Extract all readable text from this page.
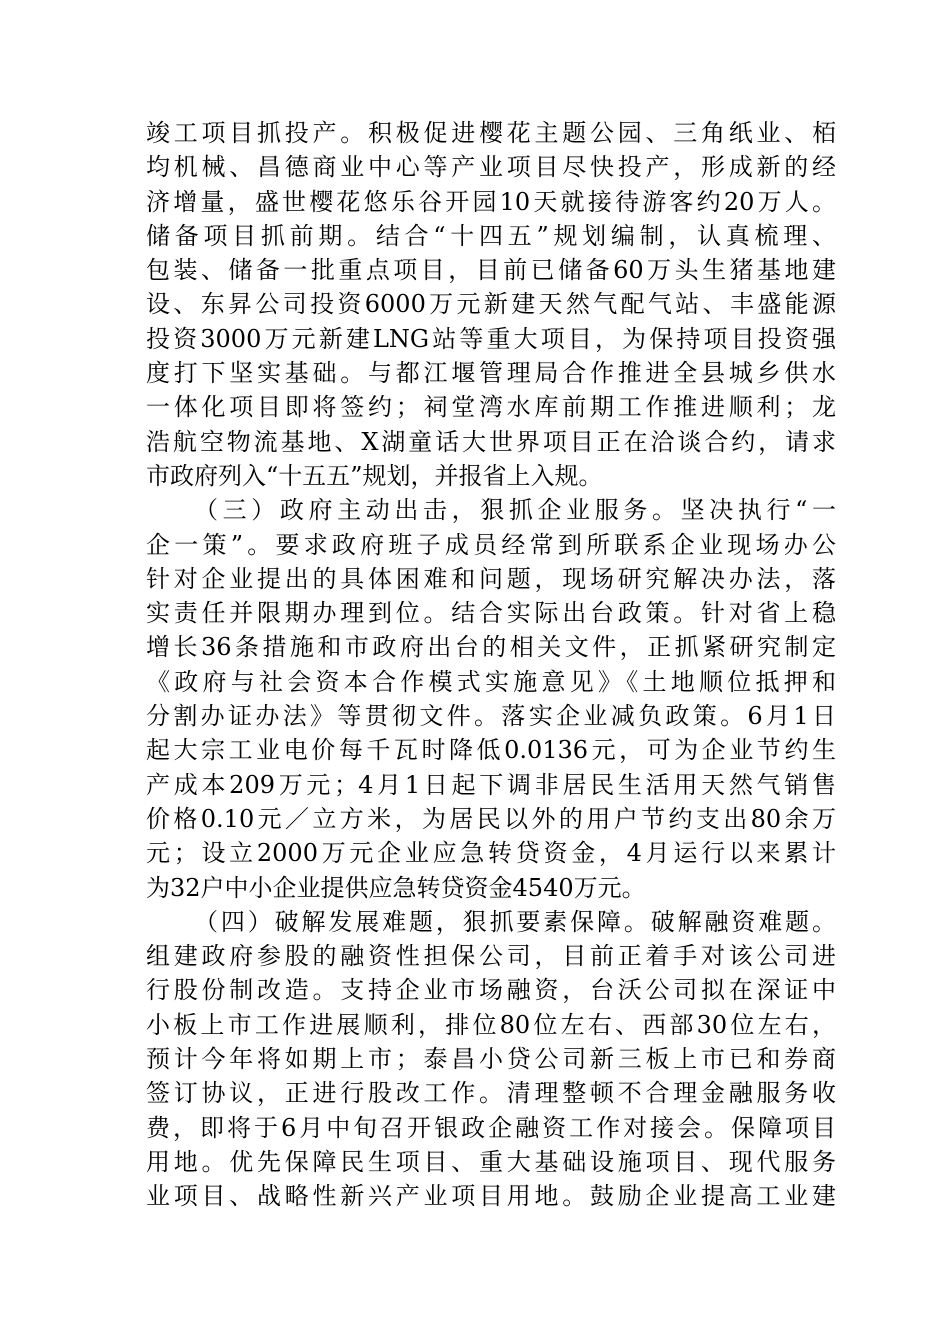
竣工项目抓投产。积极促进樱花主题公园、三角纸业、栢
均机械、昌德商业中心等产业项目尽快投产，形成新的经
济增量，盛世樱花悠乐谷开园10天就接待游客约20万人。
储备项目抓前期。结合“十四五”规划编制，认真梳理、
包装、储备一批重点项目，目前已储备60万头生猪基地建
设、东昇公司投资6000万元新建天然气配气站、丰盛能源
投资3000万元新建LNG站等重大项目，为保持项目投资强
度打下坚实基础。与都江堰管理局合作推进全县城乡供水
一体化项目即将签约；祠堂湾水库前期工作推进顺利；龙
浩航空物流基地、X湖童话大世界项目正在洽谈合约，请求
市政府列入“十五五”规划，并报省上入规。
（三）政府主动出击，狠抓企业服务。坚决执行“一
企一策”。要求政府班子成员经常到所联系企业现场办公
针对企业提出的具体困难和问题，现场研究解决办法，落
实责任并限期办理到位。结合实际出台政策。针对省上稳
增长36条措施和市政府出台的相关文件，正抓紧研究制定
《政府与社会资本合作模式实施意见》《土地顺位抵押和
分割办证办法》等贯彻文件。落实企业减负政策。6月1日
起大宗工业电价每千瓦时降低0.0136元，可为企业节约生
产成本209万元；4月1日起下调非居民生活用天然气销售
价格0.10元／立方米，为居民以外的用户节约支出80余万
元；设立2000万元企业应急转贷资金，4月运行以来累计
为32户中小企业提供应急转贷资金4540万元。
（四）破解发展难题，狠抓要素保障。破解融资难题。
组建政府参股的融资性担保公司，目前正着手对该公司进
行股份制改造。支持企业市场融资，台沃公司拟在深证中
小板上市工作进展顺利，排位80位左右、西部30位左右，
预计今年将如期上市；泰昌小贷公司新三板上市已和券商
签订协议，正进行股改工作。清理整顿不合理金融服务收
费，即将于6月中旬召开银政企融资工作对接会。保障项目
用地。优先保障民生项目、重大基础设施项目、现代服务
业项目、战略性新兴产业项目用地。鼓励企业提高工业建
